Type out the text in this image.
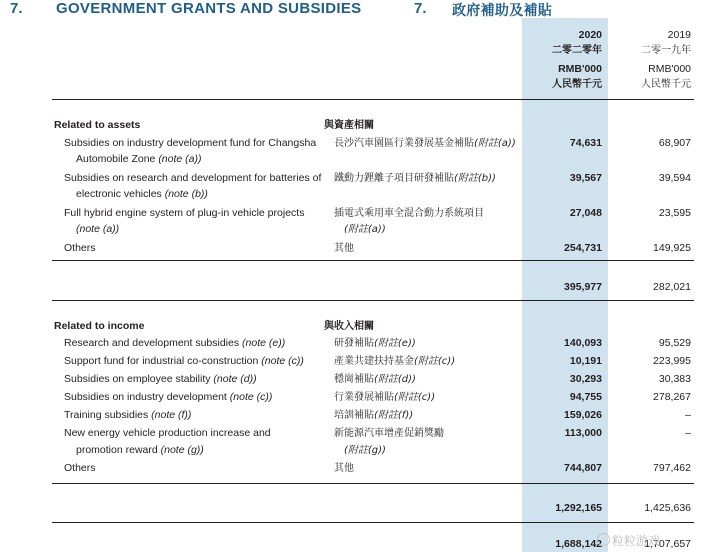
7. GOVERNMENT GRANTS AND SUBSIDIES	7. 政府補助及補貼
2020
二零二零年
RMB'000
人民幣千元
2019
二零一九年
RMB'000
人民幣千元
Related to assets	與資產相關
Subsidies on industry development fund for Changsha
Automobile Zone (note (a))
長沙汽車園區行業發展基金補貼(附註(a))	74,631	68,907
Subsidies on research and development for batteries of
electronic vehicles (note (b))
鐵動力鋰離子項目研發補貼(附註(b))	39,567	39,594
Full hybrid engine system of plug-in vehicle projects
(note (a))
插電式乘用車全混合動力系統項目
(附註(a))
27,048	23,595
Others	其他	254,731	149,925
395,977	282,021
Related to income	與收入相關
Research and development subsidies (note (e))	研發補貼(附註(e))	140,093	95,529
Support fund for industrial co-construction (note (c))	產業共建扶持基金(附註(c))	10,191	223,995
Subsidies on employee stability (note (d))	穩崗補貼(附註(d))	30,293	30,383
Subsidies on industry development (note (c))	行業發展補貼(附註(c))	94,755	278,267
Training subsidies (note (f))	培訓補貼(附註(f))	159,026	–
New energy vehicle production increase and
promotion reward (note (g))
新能源汽車增產促銷獎勵
(附註(g))
113,000	–
Others	其他	744,807	797,462
1,292,165	1,425,636
1,688,142	1,707,657
粒粒游戏
